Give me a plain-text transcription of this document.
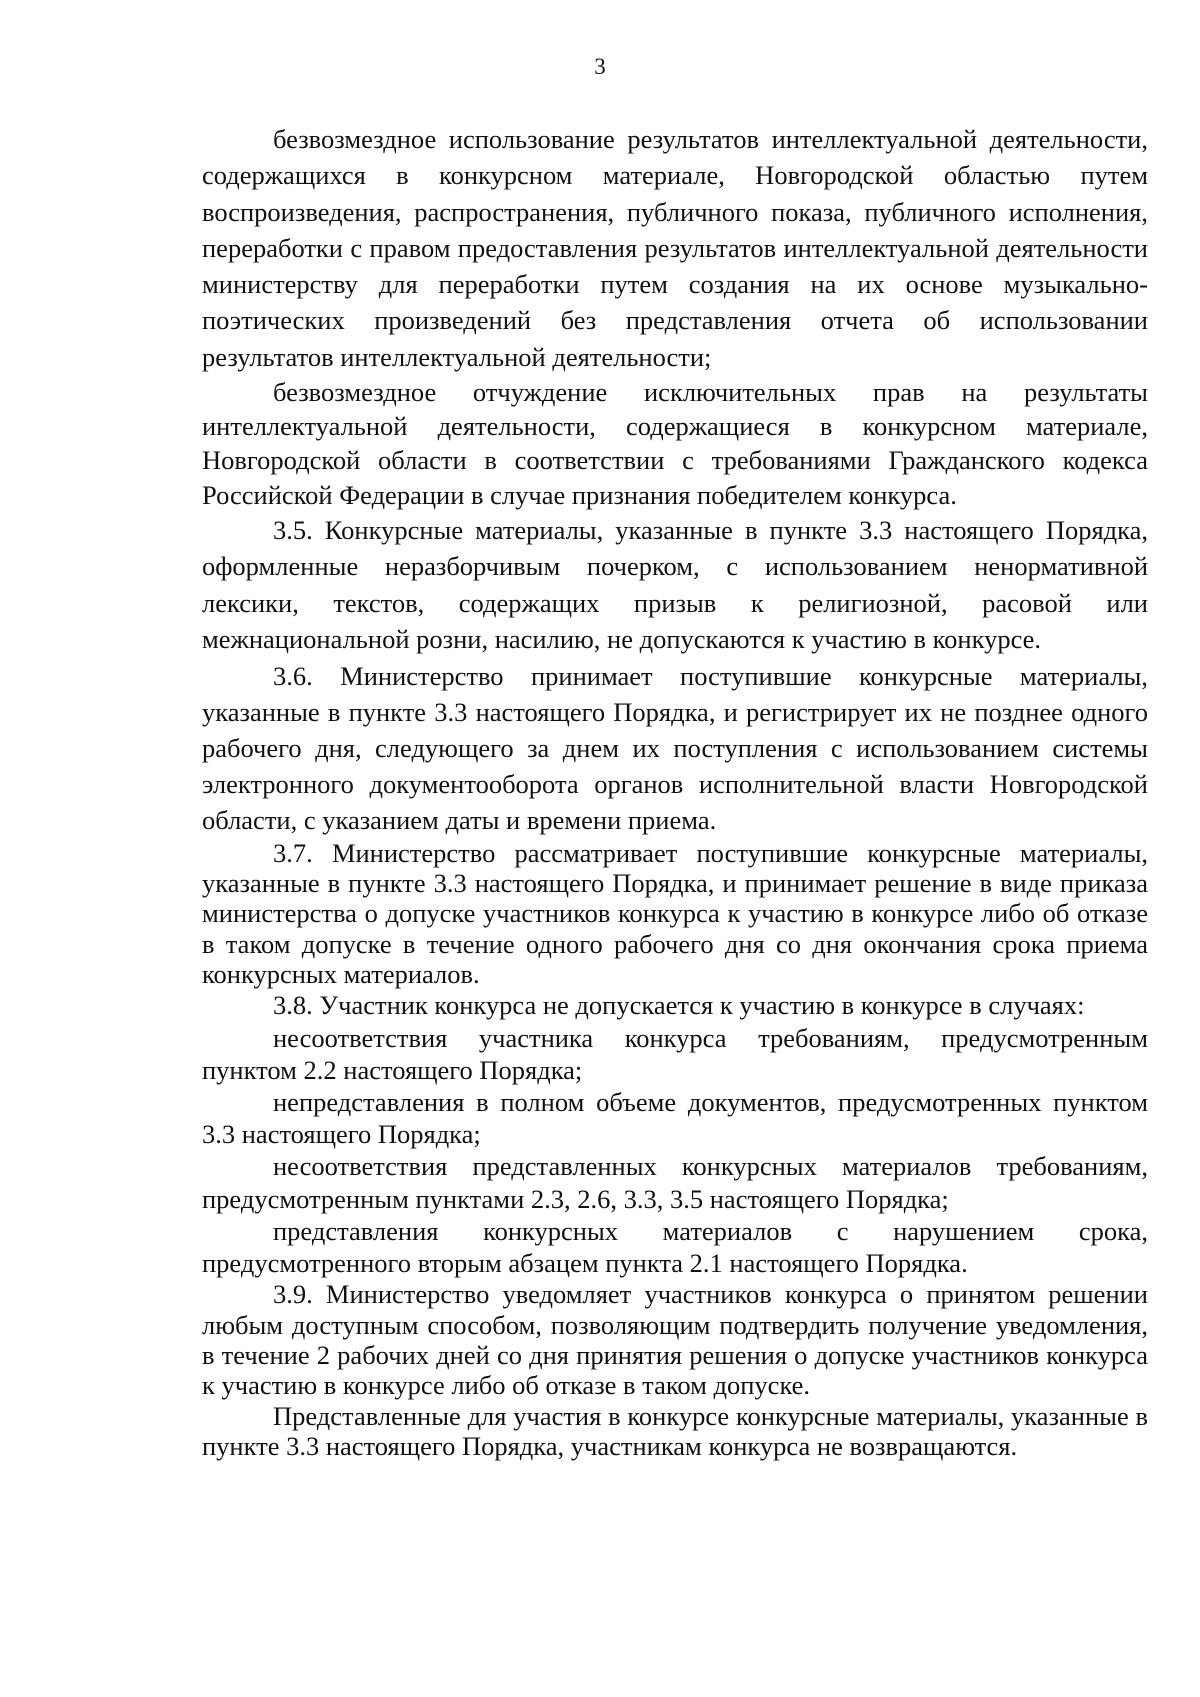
3

безвозмездное использование результатов интеллектуальной деятельности, содержащихся в конкурсном материале, Новгородской областью путем воспроизведения, распространения, публичного показа, публичного исполнения, переработки с правом предоставления результатов интеллектуальной деятельности министерству для переработки путем создания на их основе музыкально-поэтических произведений без представления отчета об использовании результатов интеллектуальной деятельности;

безвозмездное отчуждение исключительных прав на результаты интеллектуальной деятельности, содержащиеся в конкурсном материале, Новгородской области в соответствии с требованиями Гражданского кодекса Российской Федерации в случае признания победителем конкурса.

3.5. Конкурсные материалы, указанные в пункте 3.3 настоящего Порядка, оформленные неразборчивым почерком, с использованием ненормативной лексики, текстов, содержащих призыв к религиозной, расовой или межнациональной розни, насилию, не допускаются к участию в конкурсе.

3.6. Министерство принимает поступившие конкурсные материалы, указанные в пункте 3.3 настоящего Порядка, и регистрирует их не позднее одного рабочего дня, следующего за днем их поступления с использованием системы электронного документооборота органов исполнительной власти Новгородской области, с указанием даты и времени приема.

3.7. Министерство рассматривает поступившие конкурсные материалы, указанные в пункте 3.3 настоящего Порядка, и принимает решение в виде приказа министерства о допуске участников конкурса к участию в конкурсе либо об отказе в таком допуске в течение одного рабочего дня со дня окончания срока приема конкурсных материалов.

3.8. Участник конкурса не допускается к участию в конкурсе в случаях:

несоответствия участника конкурса требованиям, предусмотренным пунктом 2.2 настоящего Порядка;

непредставления в полном объеме документов, предусмотренных пунктом 3.3 настоящего Порядка;

несоответствия представленных конкурсных материалов требованиям, предусмотренным пунктами 2.3, 2.6, 3.3, 3.5 настоящего Порядка;

представления конкурсных материалов с нарушением срока, предусмотренного вторым абзацем пункта 2.1 настоящего Порядка.

3.9. Министерство уведомляет участников конкурса о принятом решении любым доступным способом, позволяющим подтвердить получение уведомления, в течение 2 рабочих дней со дня принятия решения о допуске участников конкурса к участию в конкурсе либо об отказе в таком допуске.

Представленные для участия в конкурсе конкурсные материалы, указанные в пункте 3.3 настоящего Порядка, участникам конкурса не возвращаются.
